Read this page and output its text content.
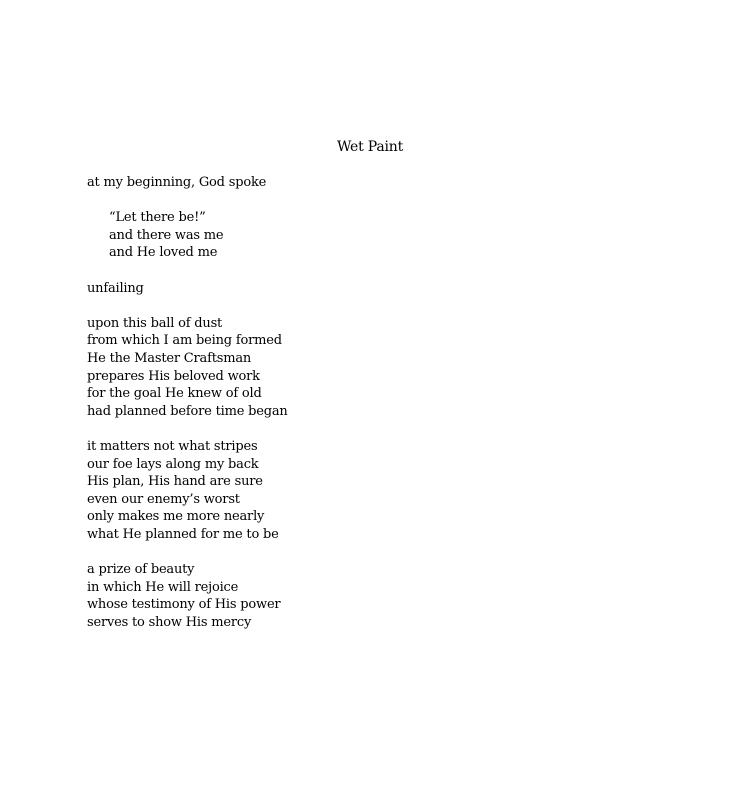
Wet Paint
at my beginning, God spoke
“Let there be!”
and there was me
and He loved me
unfailing
upon this ball of dust
from which I am being formed
He the Master Craftsman
prepares His beloved work
for the goal He knew of old
had planned before time began
it matters not what stripes
our foe lays along my back
His plan, His hand are sure
even our enemy’s worst
only makes me more nearly
what He planned for me to be
a prize of beauty
in which He will rejoice
whose testimony of His power
serves to show His mercy
